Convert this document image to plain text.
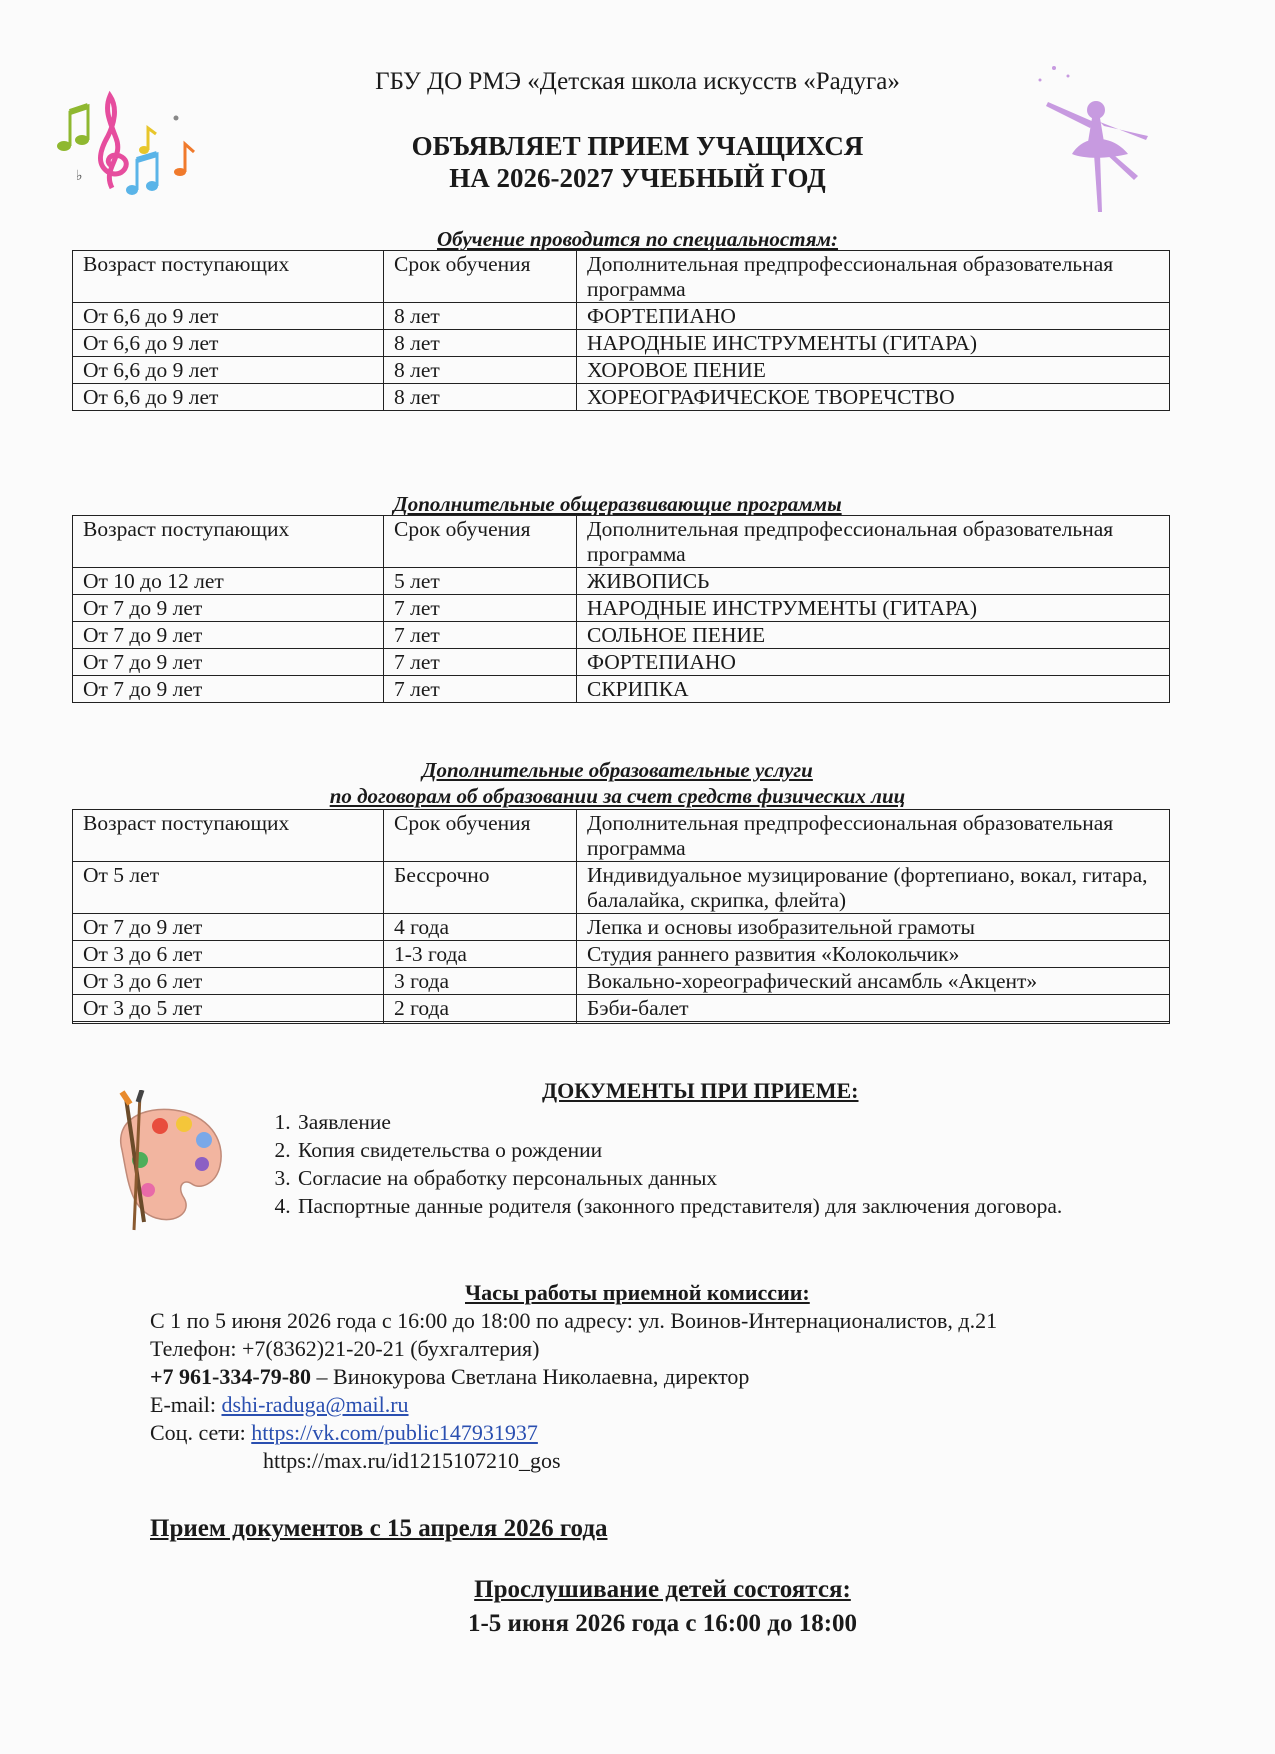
♭
ГБУ ДО РМЭ «Детская школа искусств «Радуга»
ОБЪЯВЛЯЕТ ПРИЕМ УЧАЩИХСЯ
НА 2026-2027 УЧЕБНЫЙ ГОД
Обучение проводится по специальностям:
Возраст поступающих	Срок обучения	Дополнительная предпрофессиональная образовательная программа
От 6,6 до 9 лет	8 лет	ФОРТЕПИАНО
От 6,6 до 9 лет	8 лет	НАРОДНЫЕ ИНСТРУМЕНТЫ (ГИТАРА)
От 6,6 до 9 лет	8 лет	ХОРОВОЕ ПЕНИЕ
От 6,6 до 9 лет	8 лет	ХОРЕОГРАФИЧЕСКОЕ ТВОРЕЧСТВО
Дополнительные общеразвивающие программы
Возраст поступающих	Срок обучения	Дополнительная предпрофессиональная образовательная программа
От 10 до 12 лет	5 лет	ЖИВОПИСЬ
От 7 до 9 лет	7 лет	НАРОДНЫЕ ИНСТРУМЕНТЫ (ГИТАРА)
От 7 до 9 лет	7 лет	СОЛЬНОЕ ПЕНИЕ
От 7 до 9 лет	7 лет	ФОРТЕПИАНО
От 7 до 9 лет	7 лет	СКРИПКА
Дополнительные образовательные услуги
по договорам об образовании за счет средств физических лиц
Возраст поступающих	Срок обучения	Дополнительная предпрофессиональная образовательная программа
От 5 лет	Бессрочно	Индивидуальное музицирование (фортепиано, вокал, гитара, балалайка, скрипка, флейта)
От 7 до 9 лет	4 года	Лепка и основы изобразительной грамоты
От 3 до 6 лет	1-3 года	Студия раннего развития «Колокольчик»
От 3 до 6 лет	3 года	Вокально-хореографический ансамбль «Акцент»
От 3 до 5 лет	2 года	Бэби-балет

ДОКУМЕНТЫ ПРИ ПРИЕМЕ:
1. Заявление
2. Копия свидетельства о рождении
3. Согласие на обработку персональных данных
4. Паспортные данные родителя (законного представителя) для заключения договора.
Часы работы приемной комиссии:
С 1 по 5 июня 2026 года с 16:00 до 18:00 по адресу: ул. Воинов-Интернационалистов, д.21
Телефон: +7(8362)21-20-21 (бухгалтерия)
+7 961-334-79-80 – Винокурова Светлана Николаевна, директор
E-mail: dshi-raduga@mail.ru
Соц. сети: https://vk.com/public147931937
https://max.ru/id1215107210_gos
Прием документов с 15 апреля 2026 года
Прослушивание детей состоятся:
1-5 июня 2026 года с 16:00 до 18:00
